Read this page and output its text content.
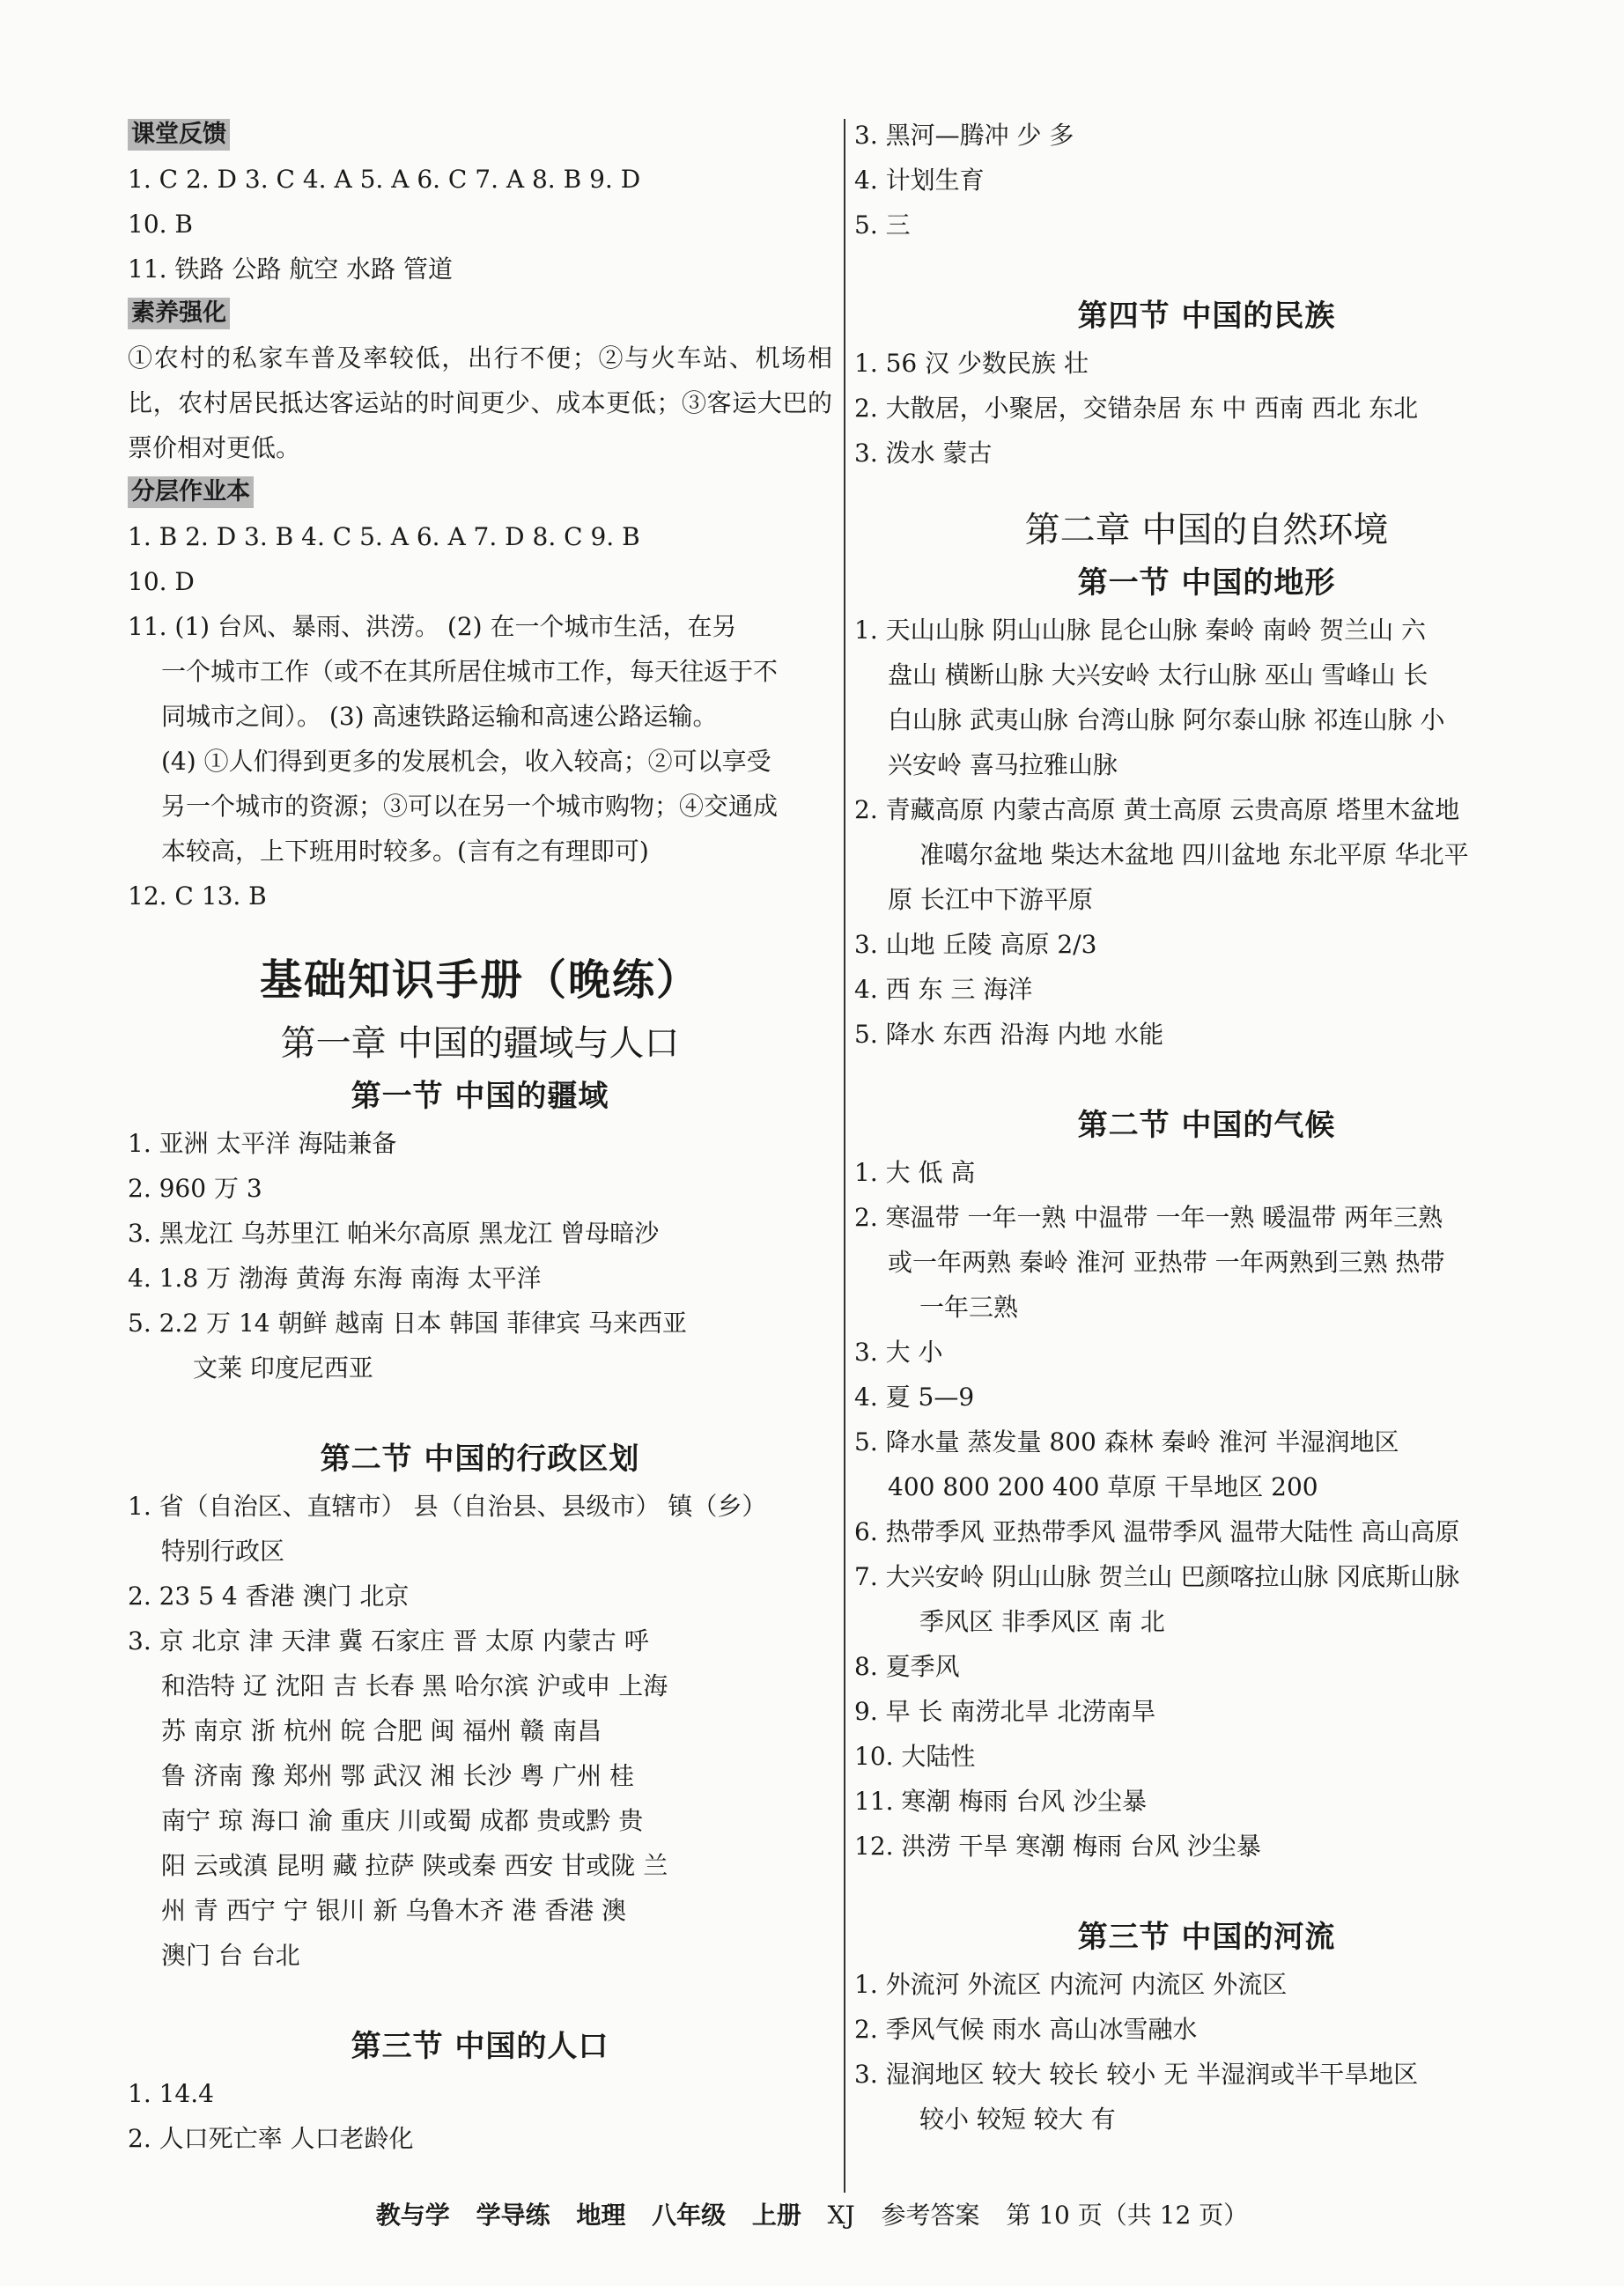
课堂反馈
1. C 2. D 3. C 4. A 5. A 6. C 7. A 8. B 9. D
10. B
11. 铁路 公路 航空 水路 管道
素养强化
①农村的私家车普及率较低，出行不便；②与火车站、机场相比，农村居民抵达客运站的时间更少、成本更低；③客运大巴的票价相对更低。
分层作业本
1. B 2. D 3. B 4. C 5. A 6. A 7. D 8. C 9. B
10. D
11. (1) 台风、暴雨、洪涝。 (2) 在一个城市生活，在另
一个城市工作（或不在其所居住城市工作，每天往返于不
同城市之间）。 (3) 高速铁路运输和高速公路运输。
(4) ①人们得到更多的发展机会，收入较高；②可以享受
另一个城市的资源；③可以在另一个城市购物；④交通成
本较高，上下班用时较多。(言有之有理即可)
12. C 13. B
基础知识手册（晚练）
第一章 中国的疆域与人口
第一节 中国的疆域
1. 亚洲 太平洋 海陆兼备
2. 960 万 3
3. 黑龙江 乌苏里江 帕米尔高原 黑龙江 曾母暗沙
4. 1.8 万 渤海 黄海 东海 南海 太平洋
5. 2.2 万 14 朝鲜 越南 日本 韩国 菲律宾 马来西亚
文莱 印度尼西亚
第二节 中国的行政区划
1. 省（自治区、直辖市） 县（自治县、县级市） 镇（乡）
特别行政区
2. 23 5 4 香港 澳门 北京
3. 京 北京 津 天津 冀 石家庄 晋 太原 内蒙古 呼
和浩特 辽 沈阳 吉 长春 黑 哈尔滨 沪或申 上海
苏 南京 浙 杭州 皖 合肥 闽 福州 赣 南昌
鲁 济南 豫 郑州 鄂 武汉 湘 长沙 粤 广州 桂
南宁 琼 海口 渝 重庆 川或蜀 成都 贵或黔 贵
阳 云或滇 昆明 藏 拉萨 陕或秦 西安 甘或陇 兰
州 青 西宁 宁 银川 新 乌鲁木齐 港 香港 澳
澳门 台 台北
第三节 中国的人口
1. 14.4
2. 人口死亡率 人口老龄化
3. 黑河—腾冲 少 多
4. 计划生育
5. 三
第四节 中国的民族
1. 56 汉 少数民族 壮
2. 大散居，小聚居，交错杂居 东 中 西南 西北 东北
3. 泼水 蒙古
第二章 中国的自然环境
第一节 中国的地形
1. 天山山脉 阴山山脉 昆仑山脉 秦岭 南岭 贺兰山 六
盘山 横断山脉 大兴安岭 太行山脉 巫山 雪峰山 长
白山脉 武夷山脉 台湾山脉 阿尔泰山脉 祁连山脉 小
兴安岭 喜马拉雅山脉
2. 青藏高原 内蒙古高原 黄土高原 云贵高原 塔里木盆地
准噶尔盆地 柴达木盆地 四川盆地 东北平原 华北平
原 长江中下游平原
3. 山地 丘陵 高原 2/3
4. 西 东 三 海洋
5. 降水 东西 沿海 内地 水能
第二节 中国的气候
1. 大 低 高
2. 寒温带 一年一熟 中温带 一年一熟 暖温带 两年三熟
或一年两熟 秦岭 淮河 亚热带 一年两熟到三熟 热带
一年三熟
3. 大 小
4. 夏 5—9
5. 降水量 蒸发量 800 森林 秦岭 淮河 半湿润地区
400 800 200 400 草原 干旱地区 200
6. 热带季风 亚热带季风 温带季风 温带大陆性 高山高原
7. 大兴安岭 阴山山脉 贺兰山 巴颜喀拉山脉 冈底斯山脉
季风区 非季风区 南 北
8. 夏季风
9. 早 长 南涝北旱 北涝南旱
10. 大陆性
11. 寒潮 梅雨 台风 沙尘暴
12. 洪涝 干旱 寒潮 梅雨 台风 沙尘暴
第三节 中国的河流
1. 外流河 外流区 内流河 内流区 外流区
2. 季风气候 雨水 高山冰雪融水
3. 湿润地区 较大 较长 较小 无 半湿润或半干旱地区
较小 较短 较大 有
教与学 学导练 地理 八年级 上册 XJ 参考答案 第 10 页（共 12 页）
